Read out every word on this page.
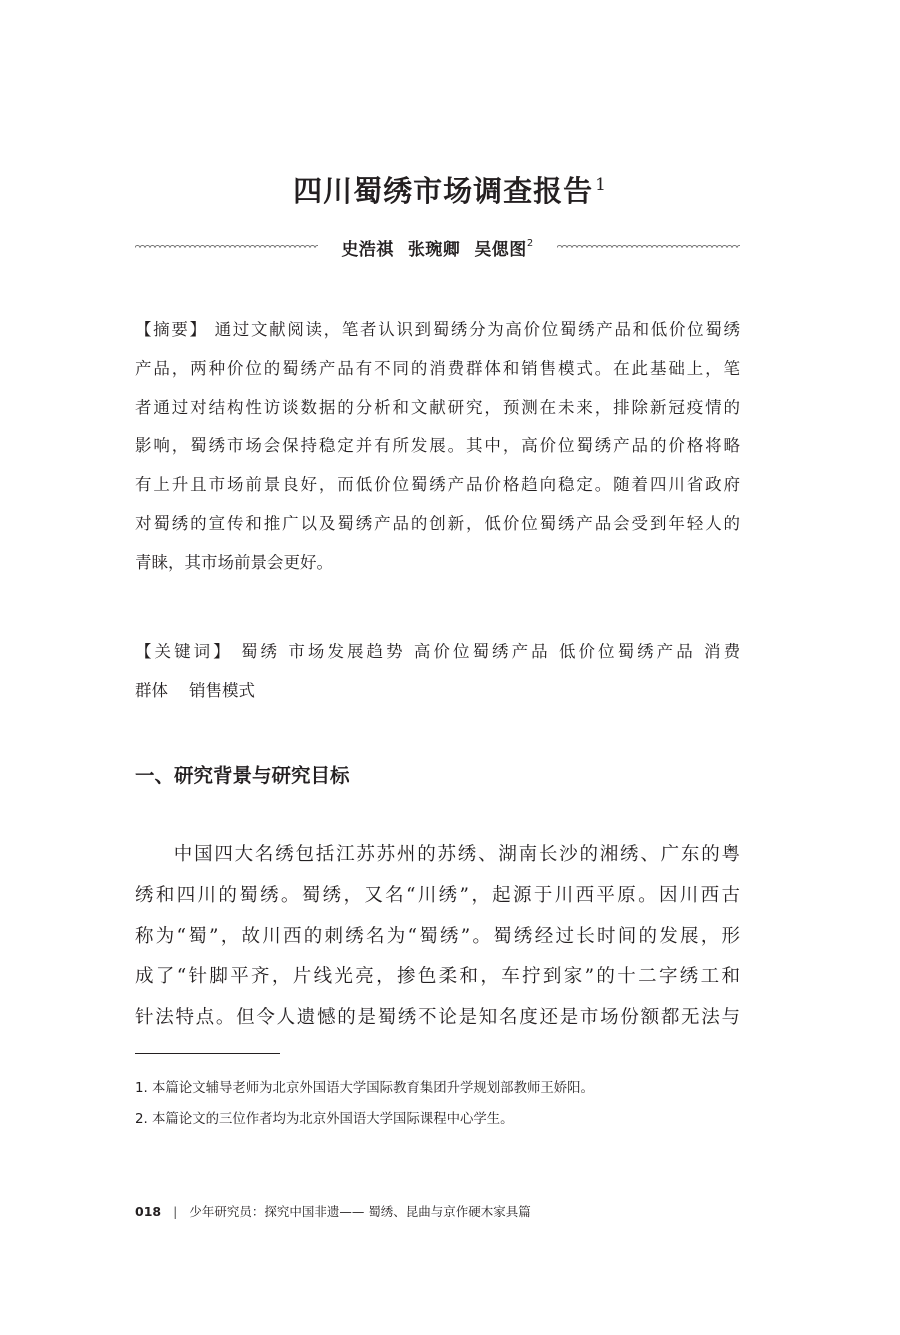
四川蜀绣市场调查报告 $^1$
史浩祺 张琬卿 吴偲图$^2$
【摘要】 通过文献阅读，笔者认识到蜀绣分为高价位蜀绣产品和低价位蜀绣
产品，两种价位的蜀绣产品有不同的消费群体和销售模式。在此基础上，笔
者通过对结构性访谈数据的分析和文献研究，预测在未来，排除新冠疫情的
影响，蜀绣市场会保持稳定并有所发展。其中，高价位蜀绣产品的价格将略
有上升且市场前景良好，而低价位蜀绣产品价格趋向稳定。随着四川省政府
对蜀绣的宣传和推广以及蜀绣产品的创新，低价位蜀绣产品会受到年轻人的
青睐，其市场前景会更好。
【关键词】 蜀绣 市场发展趋势 高价位蜀绣产品 低价位蜀绣产品 消费
群体 销售模式
一、研究背景与研究目标
中国四大名绣包括江苏苏州的苏绣、湖南长沙的湘绣、广东的粤
绣和四川的蜀绣。蜀绣，又名“川绣”，起源于川西平原。因川西古
称为“蜀”，故川西的刺绣名为“蜀绣”。蜀绣经过长时间的发展，形
成了“针脚平齐，片线光亮，掺色柔和，车拧到家”的十二字绣工和
针法特点。但令人遗憾的是蜀绣不论是知名度还是市场份额都无法与
1. 本篇论文辅导老师为北京外国语大学国际教育集团升学规划部教师王娇阳。
2. 本篇论文的三位作者均为北京外国语大学国际课程中心学生。
018 | 少年研究员：探究中国非遗—— 蜀绣、昆曲与京作硬木家具篇
